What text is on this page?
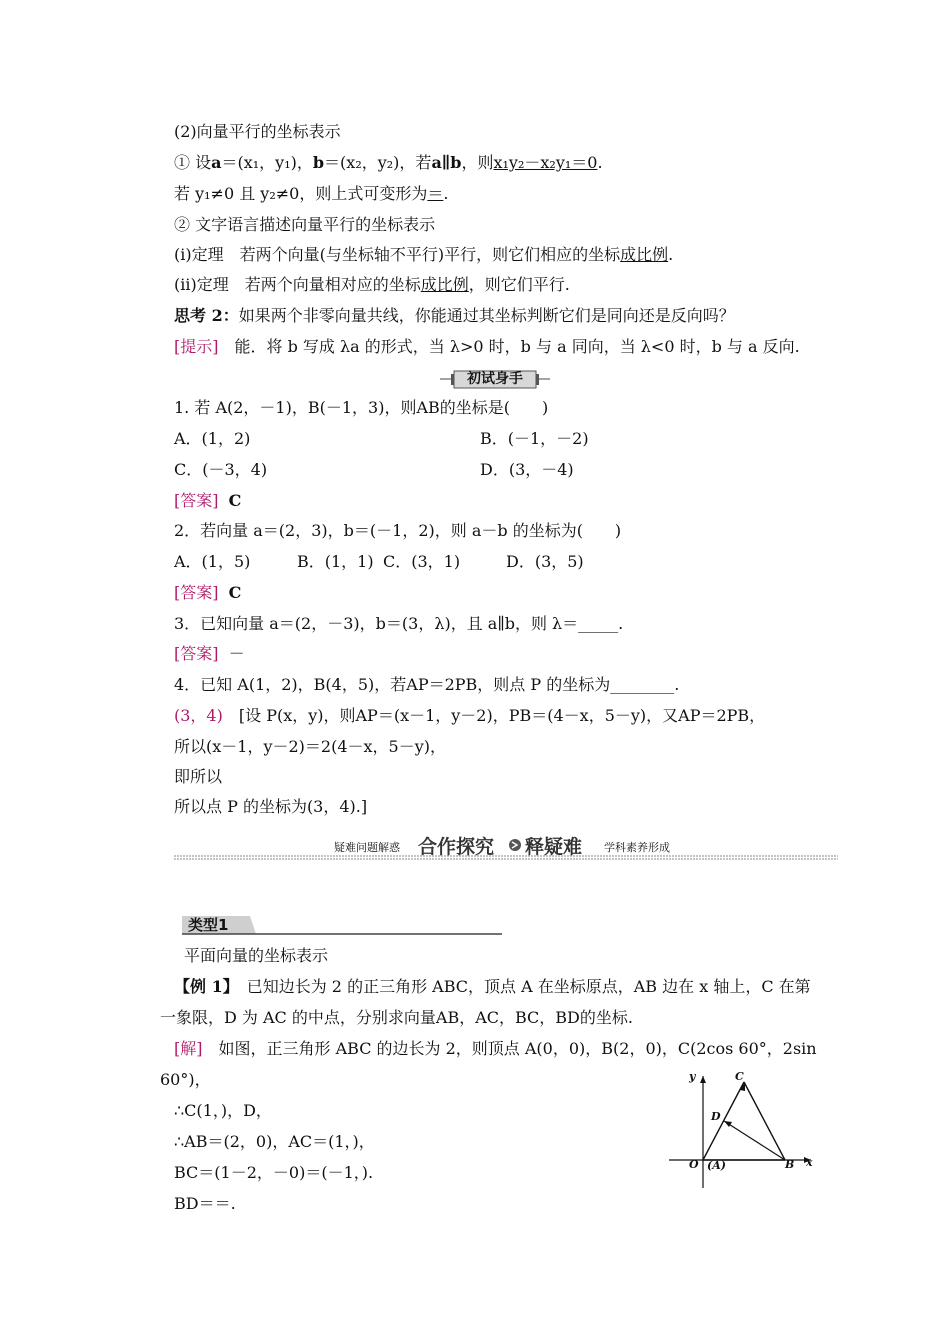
(2)向量平行的坐标表示
① 设a＝(x₁，y₁)，b＝(x₂，y₂)，若a∥b，则x₁y₂－x₂y₁＝0.
若 y₁≠0 且 y₂≠0，则上式可变形为＝.
② 文字语言描述向量平行的坐标表示
(ⅰ)定理　若两个向量(与坐标轴不平行)平行，则它们相应的坐标成比例.
(ⅱ)定理　若两个向量相对应的坐标成比例，则它们平行.
思考 2：如果两个非零向量共线，你能通过其坐标判断它们是同向还是反向吗？
[提示]　能．将 b 写成 λa 的形式，当 λ>0 时，b 与 a 同向，当 λ<0 时，b 与 a 反向.
初试身手
1. 若 A(2，－1)，B(－1，3)，则AB的坐标是(　　)
A．(1，2)	B．(－1，－2)
C．(－3，4)	D．(3，－4)
[答案] C
2．若向量 a＝(2，3)，b＝(－1，2)，则 a－b 的坐标为(　　)
A．(1，5)	B．(1，1) C．(3，1)	D．(3，5)
[答案] C
3．已知向量 a＝(2，－3)，b＝(3，λ)，且 a∥b，则 λ＝_____.
[答案] －
4．已知 A(1，2)，B(4，5)，若AP＝2PB，则点 P 的坐标为________.
(3，4)　[设 P(x，y)，则AP＝(x－1，y－2)，PB＝(4－x，5－y)，又AP＝2PB，
所以(x－1，y－2)＝2(4－x，5－y)，
即所以
所以点 P 的坐标为(3，4).]
疑难问题解惑 合作探究 释疑难 学科素养形成
类型1
平面向量的坐标表示
【例 1】　已知边长为 2 的正三角形 ABC，顶点 A 在坐标原点，AB 边在 x 轴上，C 在第
一象限，D 为 AC 的中点，分别求向量AB，AC，BC，BD的坐标.
[解]　如图，正三角形 ABC 的边长为 2，则顶点 A(0，0)，B(2，0)，C(2cos 60°，2sin
60°)，
∴C(1，)，D，
∴AB＝(2，0)，AC＝(1，)，
BC＝(1－2，－0)＝(－1，).
BD＝＝.
y
x
C
D
O (A)	B
